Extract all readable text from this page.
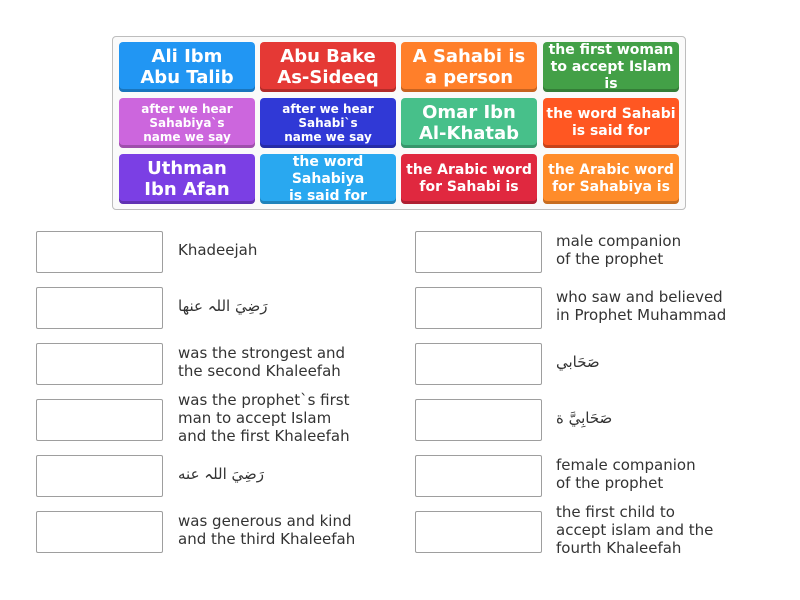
Ali Ibm
Abu Talib
Abu Bake
As-Sideeq
A Sahabi is
a person
the first woman
to accept Islam is
after we hear
Sahabiya`s
name we say
after we hear
Sahabi`s
name we say
Omar Ibn
Al-Khatab
the word Sahabi
is said for
Uthman
Ibn Afan
the word Sahabiya
is said for
the Arabic word
for Sahabi is
the Arabic word
for Sahabiya is
Khadeejah
رَضِيَ اللہ عنها
was the strongest and
the second Khaleefah
was the prophet`s first
man to accept Islam
and the first Khaleefah
رَضِيَ اللہ عنه
was generous and kind
and the third Khaleefah
male companion
of the prophet
who saw and believed
in Prophet Muhammad
صَحَابي
صَحَابِيَّ ة
female companion
of the prophet
the first child to
accept islam and the
fourth Khaleefah
